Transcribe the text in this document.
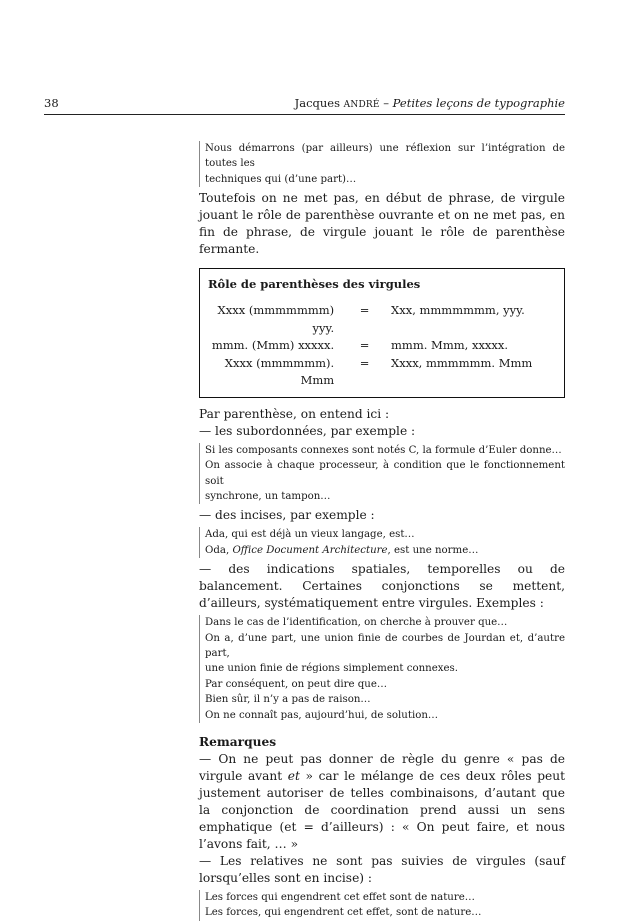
38	Jacques ANDRÉ – Petites leçons de typographie
Nous démarrons (par ailleurs) une réflexion sur l’intégration de toutes les
techniques qui (d’une part)…

Toutefois on ne met pas, en début de phrase, de virgule jouant le rôle de parenthèse ouvrante et on ne met pas, en fin de phrase, de virgule jouant le rôle de parenthèse fermante.

Rôle de parenthèses des virgules
Xxxx (mmmmmmm) yyy.	=	Xxx, mmmmmmm, yyy.
mmm. (Mmm) xxxxx.	=	mmm. Mmm, xxxxx.
Xxxx (mmmmmm). Mmm	=	Xxxx, mmmmmm. Mmm

Par parenthèse, on entend ici :

— les subordonnées, par exemple :

Si les composants connexes sont notés C, la formule d’Euler donne…
On associe à chaque processeur, à condition que le fonctionnement soit
synchrone, un tampon…

— des incises, par exemple :

Ada, qui est déjà un vieux langage, est…
Oda, Office Document Architecture, est une norme…

— des indications spatiales, temporelles ou de balancement. Certaines conjonctions se mettent, d’ailleurs, systématiquement entre virgules. Exemples :

Dans le cas de l’identification, on cherche à prouver que…
On a, d’une part, une union finie de courbes de Jourdan et, d’autre part,
une union finie de régions simplement connexes.
Par conséquent, on peut dire que…
Bien sûr, il n’y a pas de raison…
On ne connaît pas, aujourd’hui, de solution…

Remarques

— On ne peut pas donner de règle du genre « pas de virgule avant et » car le mélange de ces deux rôles peut justement autoriser de telles combinaisons, d’autant que la conjonction de coordination prend aussi un sens emphatique (et = d’ailleurs) : « On peut faire, et nous l’avons fait, … »

— Les relatives ne sont pas suivies de virgules (sauf lorsqu’elles sont en incise) :

Les forces qui engendrent cet effet sont de nature…
Les forces, qui engendrent cet effet, sont de nature…
